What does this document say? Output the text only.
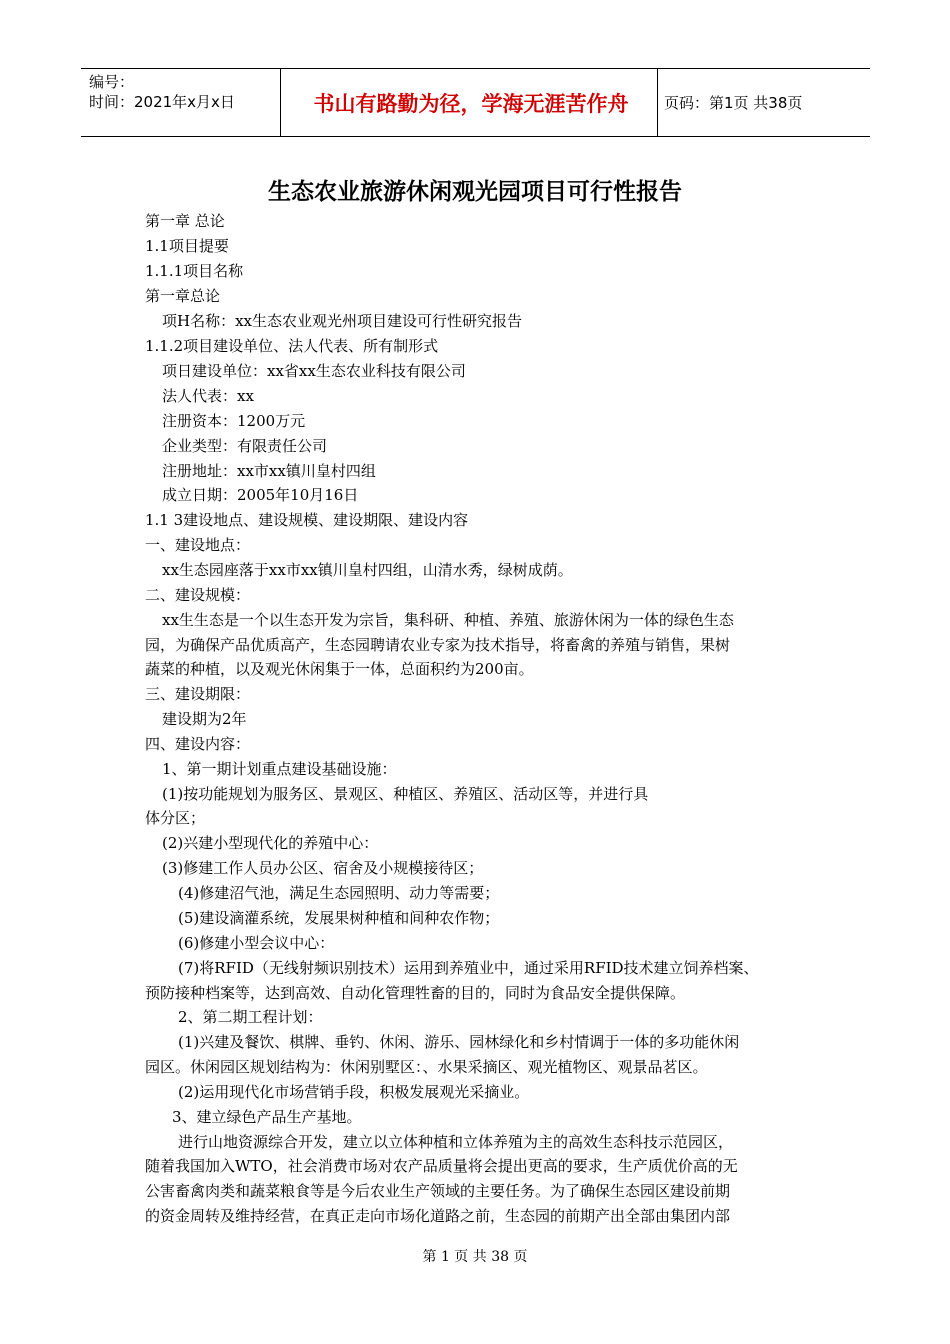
编号：
时间：2021年x月x日	书山有路勤为径，学海无涯苦作舟	页码：第1页 共38页
生态农业旅游休闲观光园项目可行性报告
第一章 总论
1.1项目提要
1.1.1项目名称
第一章总论
项H名称：xx生态农业观光州项目建设可行性研究报告
1.1.2项目建设单位、法人代表、所有制形式
项日建设单位：xx省xx生态农业科技有限公司
法人代表：xx
注册资本：1200万元
企业类型：有限责任公司
注册地址：xx市xx镇川皇村四组
成立日期：2005年10月16日
1.1 3建设地点、建设规模、建设期限、建设内容
一、建设地点：
xx生态园座落于xx市xx镇川皇村四组，山清水秀，绿树成荫。
二、建设规模：
xx生生态是一个以生态开发为宗旨，集科研、种植、养殖、旅游休闲为一体的绿色生态
园，为确保产品优质高产，生态园聘请农业专家为技术指导，将畜禽的养殖与销售，果树
蔬菜的种植，以及观光休闲集于一体，总面积约为200亩。
三、建设期限：
建设期为2年
四、建设内容：
1、第一期计划重点建设基础设施：
(1)按功能规划为服务区、景观区、种植区、养殖区、活动区等，并进行具
体分区；
(2)兴建小型现代化的养殖中心：
(3)修建工作人员办公区、宿舍及小规模接待区；
(4)修建沼气池，满足生态园照明、动力等需要；
(5)建设滴灌系统，发展果树种植和间种农作物；
(6)修建小型会议中心：
(7)将RFID（无线射频识别技术）运用到养殖业中，通过采用RFID技术建立饲养档案、
预防接种档案等，达到高效、自动化管理牲畜的目的，同时为食品安全提供保障。
2、第二期工程计划：
(1)兴建及餐饮、棋牌、垂钓、休闲、游乐、园林绿化和乡村情调于一体的多功能休闲
园区。休闲园区规划结构为：休闲别墅区：、水果采摘区、观光植物区、观景品茗区。
(2)运用现代化市场营销手段，积极发展观光采摘业。
3、建立绿色产品生产基地。
进行山地资源综合开发，建立以立体种植和立体养殖为主的高效生态科技示范园区，
随着我国加入WTO，社会消费市场对农产品质量将会提出更高的要求，生产质优价高的无
公害畜禽肉类和蔬菜粮食等是今后农业生产领域的主要任务。为了确保生态园区建设前期
的资金周转及维持经营，在真正走向市场化道路之前，生态园的前期产出全部由集团内部
第 1 页 共 38 页
